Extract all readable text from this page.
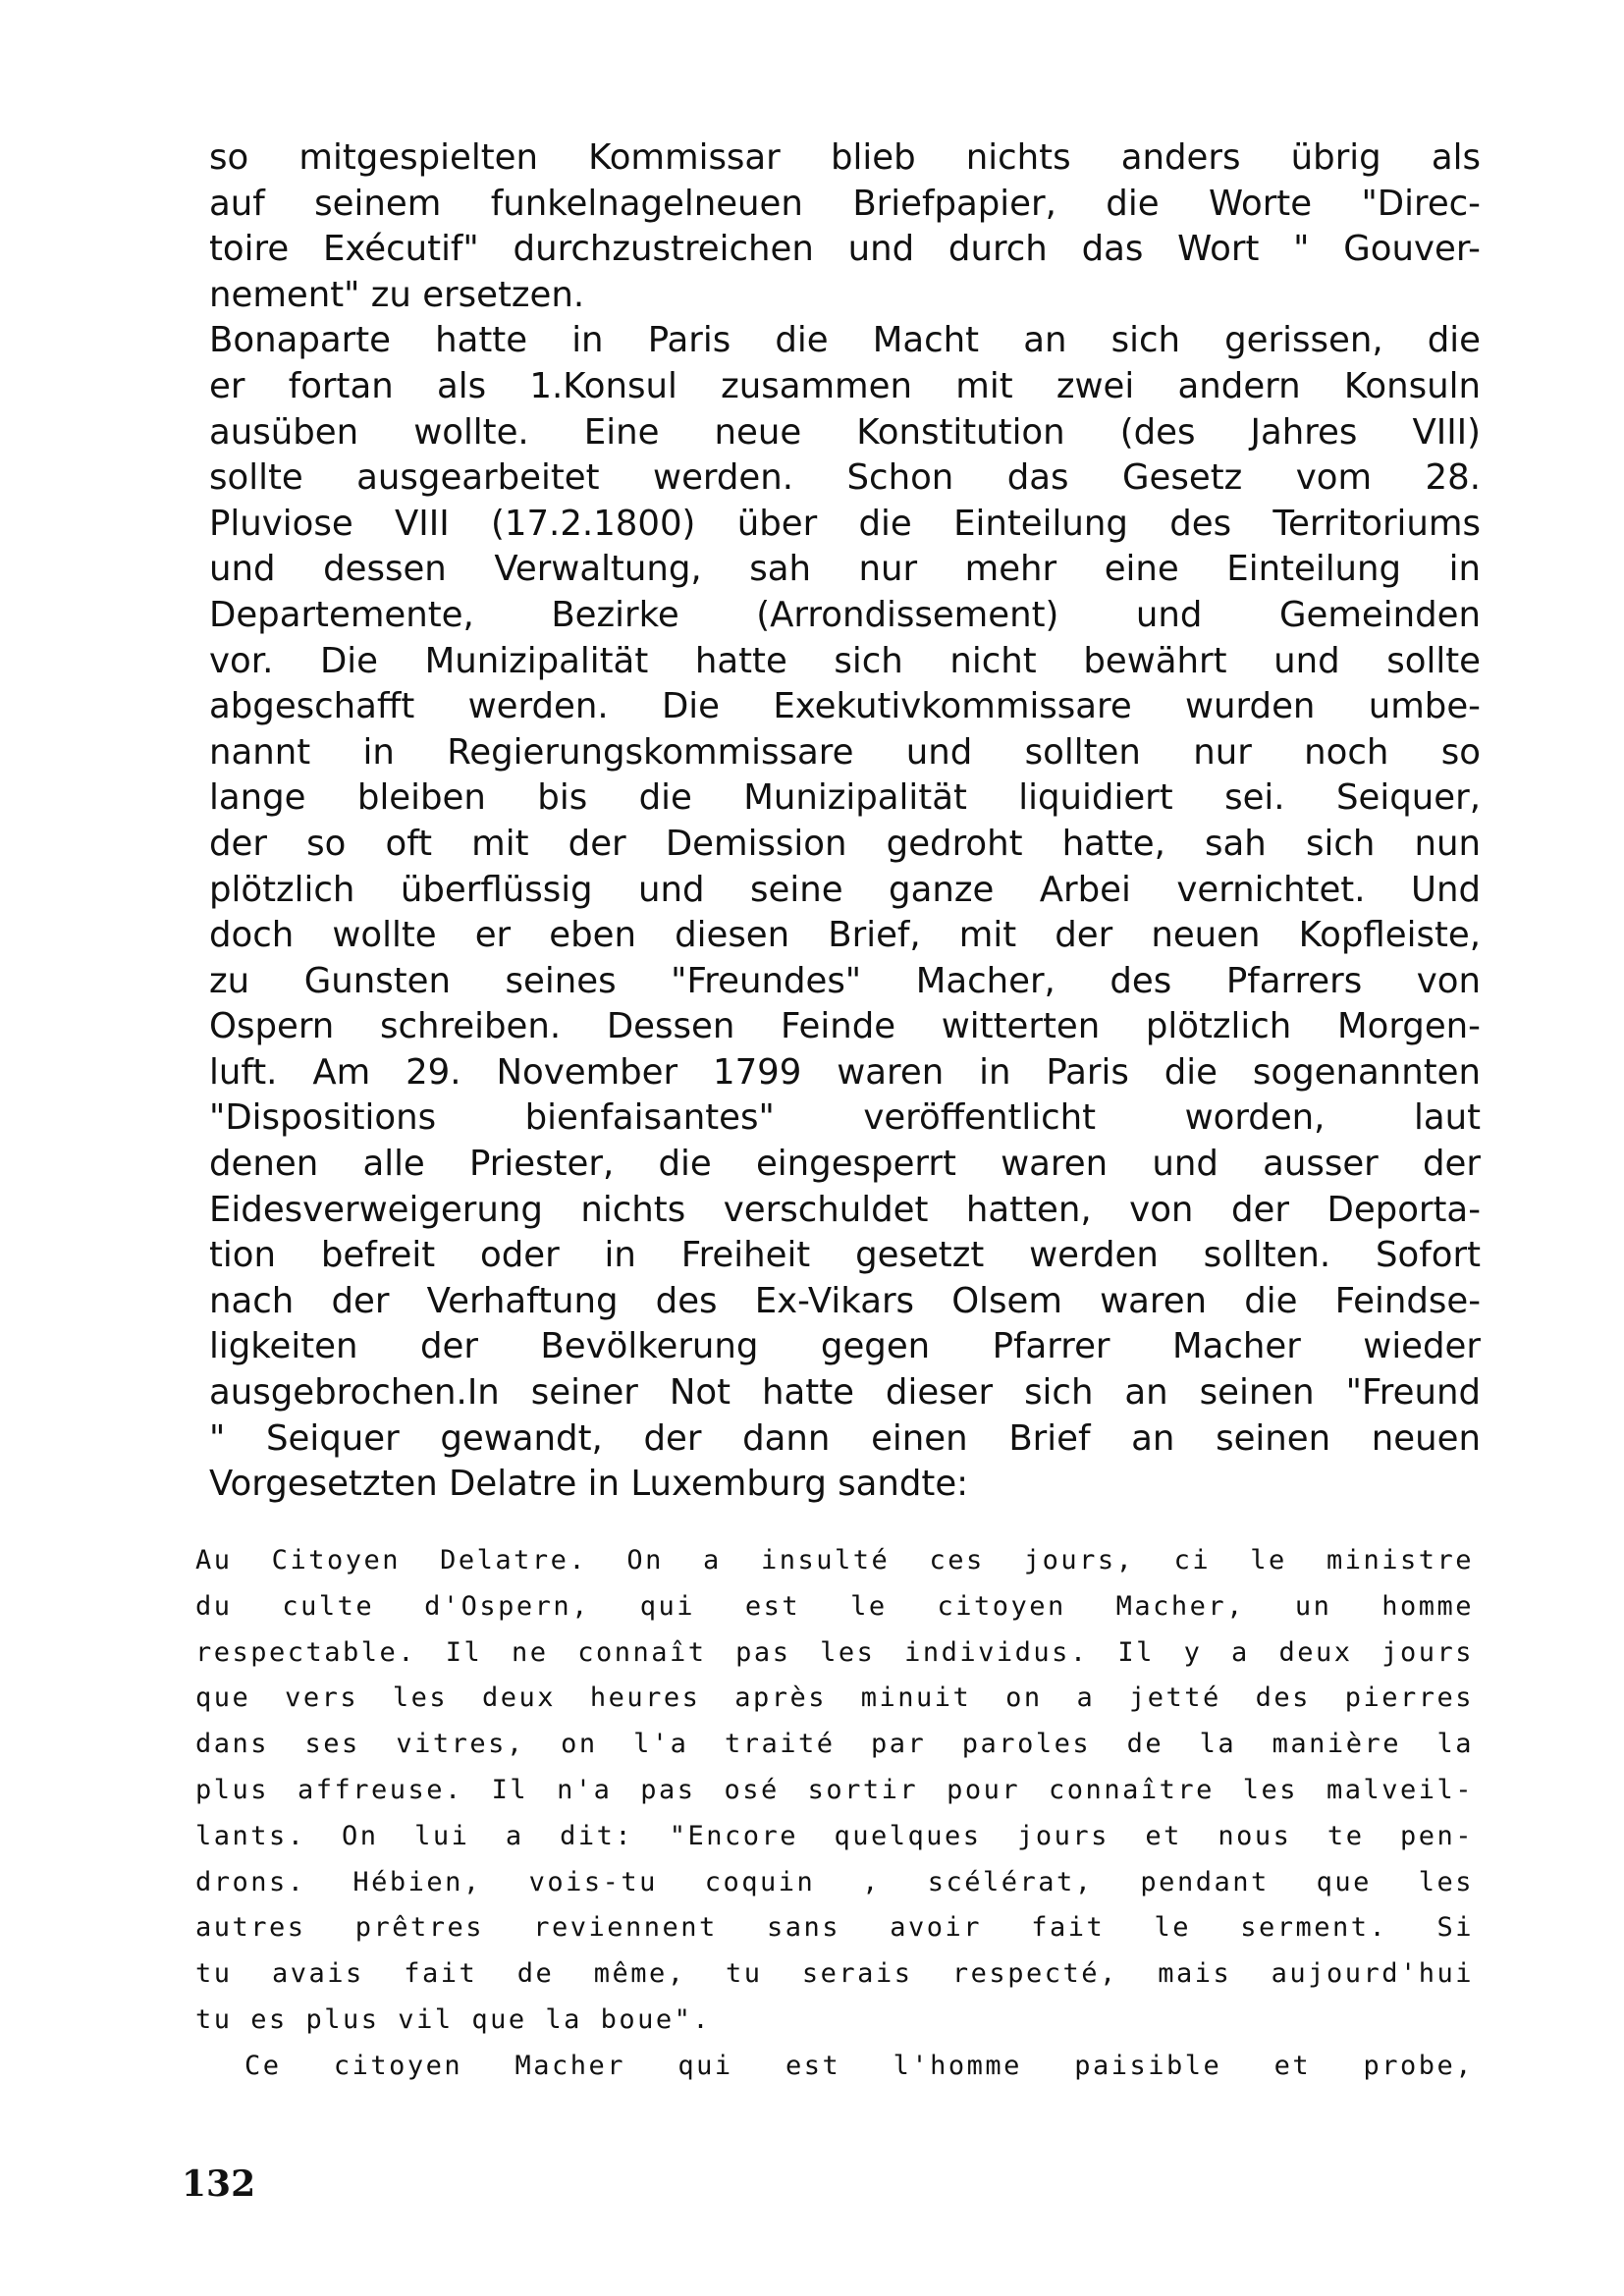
so mitgespielten Kommissar blieb nichts anders übrig als
auf seinem funkelnagelneuen Briefpapier, die Worte "Direc-
toire Exécutif" durchzustreichen und durch das Wort " Gouver-
nement" zu ersetzen.
Bonaparte hatte in Paris die Macht an sich gerissen, die
er fortan als 1.Konsul zusammen mit zwei andern Konsuln
ausüben wollte. Eine neue Konstitution (des Jahres VIII)
sollte ausgearbeitet werden. Schon das Gesetz vom 28.
Pluviose VIII (17.2.1800) über die Einteilung des Territoriums
und dessen Verwaltung, sah nur mehr eine Einteilung in
Departemente, Bezirke (Arrondissement) und Gemeinden
vor. Die Munizipalität hatte sich nicht bewährt und sollte
abgeschafft werden. Die Exekutivkommissare wurden umbe-
nannt in Regierungskommissare und sollten nur noch so
lange bleiben bis die Munizipalität liquidiert sei. Seiquer,
der so oft mit der Demission gedroht hatte, sah sich nun
plötzlich überflüssig und seine ganze Arbei vernichtet. Und
doch wollte er eben diesen Brief, mit der neuen Kopfleiste,
zu Gunsten seines "Freundes" Macher, des Pfarrers von
Ospern schreiben. Dessen Feinde witterten plötzlich Morgen-
luft. Am 29. November 1799 waren in Paris die sogenannten
"Dispositions bienfaisantes" veröffentlicht worden, laut
denen alle Priester, die eingesperrt waren und ausser der
Eidesverweigerung nichts verschuldet hatten, von der Deporta-
tion befreit oder in Freiheit gesetzt werden sollten. Sofort
nach der Verhaftung des Ex-Vikars Olsem waren die Feindse-
ligkeiten der Bevölkerung gegen Pfarrer Macher wieder
ausgebrochen.In seiner Not hatte dieser sich an seinen "Freund
" Seiquer gewandt, der dann einen Brief an seinen neuen
Vorgesetzten Delatre in Luxemburg sandte:
Au Citoyen Delatre. On a insulté ces jours, ci le ministre
du culte d'Ospern, qui est le citoyen Macher, un homme
respectable. Il ne connaît pas les individus. Il y a deux jours
que vers les deux heures après minuit on a jetté des pierres
dans ses vitres, on l'a traité par paroles de la manière la
plus affreuse. Il n'a pas osé sortir pour connaître les malveil-
lants. On lui a dit: "Encore quelques jours et nous te pen-
drons. Hébien, vois-tu coquin , scélérat, pendant que les
autres prêtres reviennent sans avoir fait le serment. Si
tu avais fait de même, tu serais respecté, mais aujourd'hui
tu es plus vil que la boue".
Ce citoyen Macher qui est l'homme paisible et probe,
132
